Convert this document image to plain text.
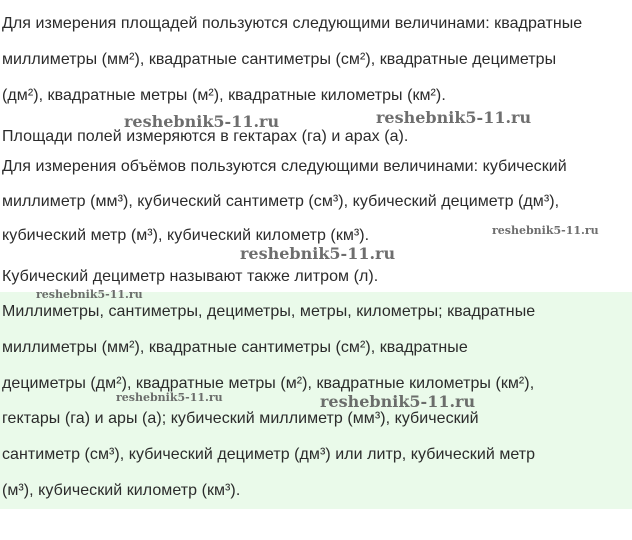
Для измерения площадей пользуются следующими величинами: квадратные
миллиметры (мм²), квадратные сантиметры (см²), квадратные дециметры
(дм²), квадратные метры (м²), квадратные километры (км²).
Площади полей измеряются в гектарах (га) и арах (а).
Для измерения объёмов пользуются следующими величинами: кубический
миллиметр (мм³), кубический сантиметр (см³), кубический дециметр (дм³),
кубический метр (м³), кубический километр (км³).
Кубический дециметр называют также литром (л).
Миллиметры, сантиметры, дециметры, метры, километры; квадратные
миллиметры (мм²), квадратные сантиметры (см²), квадратные
дециметры (дм²), квадратные метры (м²), квадратные километры (км²),
гектары (га) и ары (а); кубический миллиметр (мм³), кубический
сантиметр (см³), кубический дециметр (дм³) или литр, кубический метр
(м³), кубический километр (км³).
reshebnik5-11.ru	reshebnik5-11.ru
reshebnik5-11.ru
reshebnik5-11.ru
reshebnik5-11.ru
reshebnik5-11.ru	reshebnik5-11.ru
